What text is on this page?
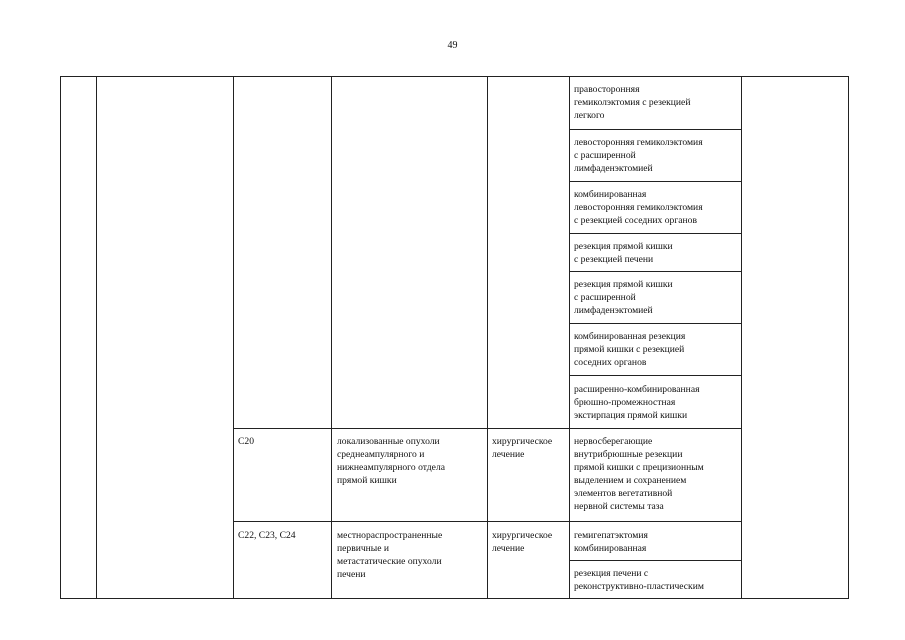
49
правосторонняя
гемиколэктомия с резекцией
легкого
левосторонняя гемиколэктомия
с расширенной
лимфаденэктомией
комбинированная
левосторонняя гемиколэктомия
с резекцией соседних органов
резекция прямой кишки
с резекцией печени
резекция прямой кишки
с расширенной
лимфаденэктомией
комбинированная резекция
прямой кишки с резекцией
соседних органов
расширенно-комбинированная
брюшно-промежностная
экстирпация прямой кишки
С20	локализованные опухоли
среднеампулярного и
нижнеампулярного отдела
прямой кишки
хирургическое
лечение
нервосберегающие
внутрибрюшные резекции
прямой кишки с прецизионным
выделением и сохранением
элементов вегетативной
нервной системы таза
С22, С23, С24	местнораспространенные
первичные и
метастатические опухоли
печени
хирургическое
лечение
гемигепатэктомия
комбинированная
резекция печени с
реконструктивно-пластическим
